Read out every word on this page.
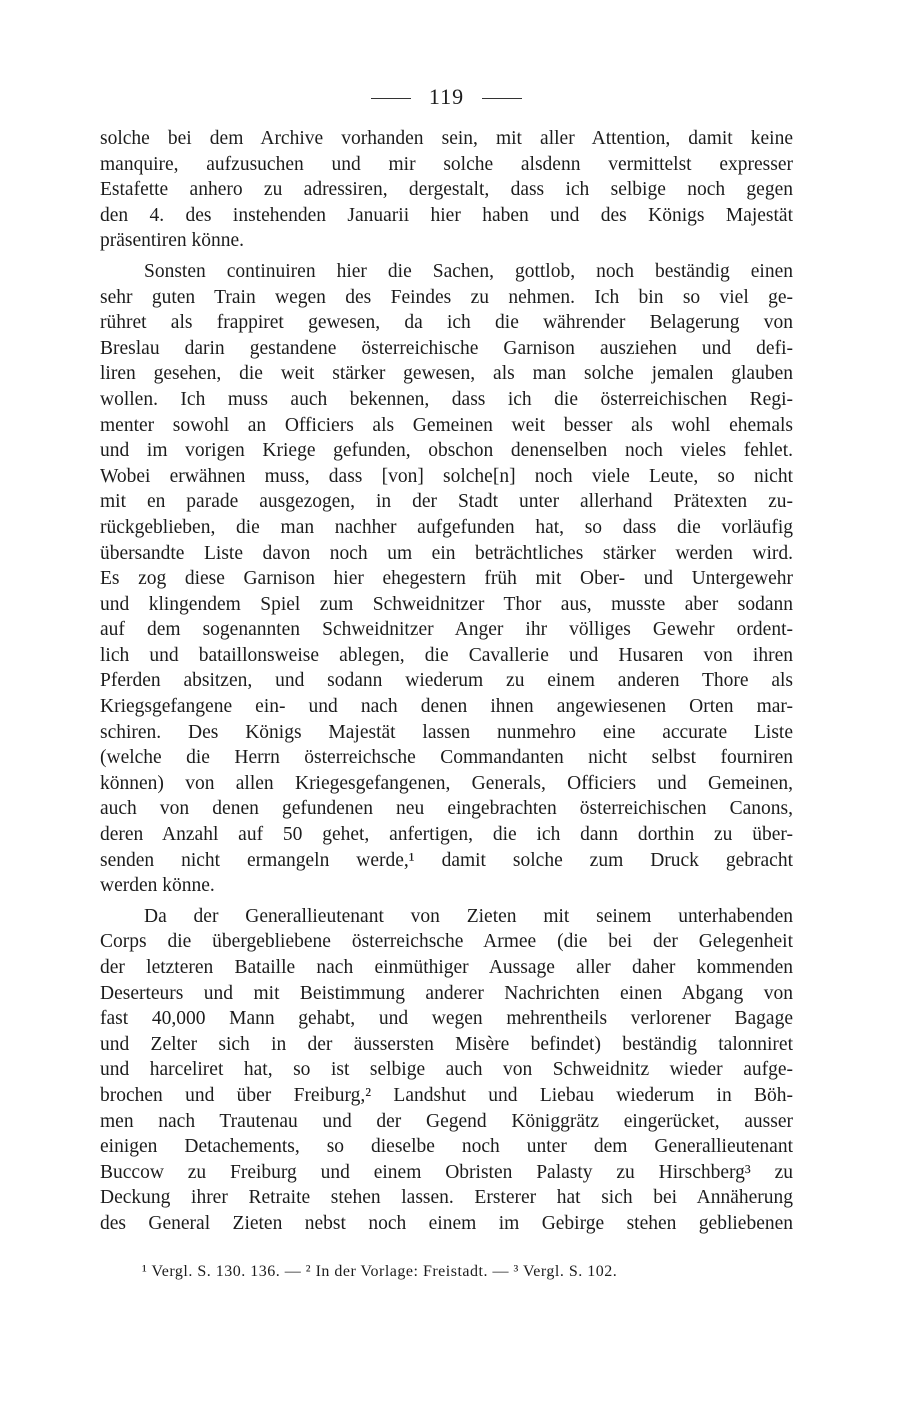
119
solche bei dem Archive vorhanden sein, mit aller Attention, damit keine
manquire, aufzusuchen und mir solche alsdenn vermittelst expresser
Estafette anhero zu adressiren, dergestalt, dass ich selbige noch gegen
den 4. des instehenden Januarii hier haben und des Königs Majestät
präsentiren könne.
Sonsten continuiren hier die Sachen, gottlob, noch beständig einen
sehr guten Train wegen des Feindes zu nehmen. Ich bin so viel ge-
rühret als frappiret gewesen, da ich die währender Belagerung von
Breslau darin gestandene österreichische Garnison ausziehen und defi-
liren gesehen, die weit stärker gewesen, als man solche jemalen glauben
wollen. Ich muss auch bekennen, dass ich die österreichischen Regi-
menter sowohl an Officiers als Gemeinen weit besser als wohl ehemals
und im vorigen Kriege gefunden, obschon denenselben noch vieles fehlet.
Wobei erwähnen muss, dass [von] solche[n] noch viele Leute, so nicht
mit en parade ausgezogen, in der Stadt unter allerhand Prätexten zu-
rückgeblieben, die man nachher aufgefunden hat, so dass die vorläufig
übersandte Liste davon noch um ein beträchtliches stärker werden wird.
Es zog diese Garnison hier ehegestern früh mit Ober- und Untergewehr
und klingendem Spiel zum Schweidnitzer Thor aus, musste aber sodann
auf dem sogenannten Schweidnitzer Anger ihr völliges Gewehr ordent-
lich und bataillonsweise ablegen, die Cavallerie und Husaren von ihren
Pferden absitzen, und sodann wiederum zu einem anderen Thore als
Kriegsgefangene ein- und nach denen ihnen angewiesenen Orten mar-
schiren. Des Königs Majestät lassen nunmehro eine accurate Liste
(welche die Herrn österreichsche Commandanten nicht selbst fourniren
können) von allen Kriegesgefangenen, Generals, Officiers und Gemeinen,
auch von denen gefundenen neu eingebrachten österreichischen Canons,
deren Anzahl auf 50 gehet, anfertigen, die ich dann dorthin zu über-
senden nicht ermangeln werde,¹ damit solche zum Druck gebracht
werden könne.
Da der Generallieutenant von Zieten mit seinem unterhabenden
Corps die übergebliebene österreichsche Armee (die bei der Gelegenheit
der letzteren Bataille nach einmüthiger Aussage aller daher kommenden
Deserteurs und mit Beistimmung anderer Nachrichten einen Abgang von
fast 40,000 Mann gehabt, und wegen mehrentheils verlorener Bagage
und Zelter sich in der äussersten Misère befindet) beständig talonniret
und harceliret hat, so ist selbige auch von Schweidnitz wieder aufge-
brochen und über Freiburg,² Landshut und Liebau wiederum in Böh-
men nach Trautenau und der Gegend Königgrätz eingerücket, ausser
einigen Detachements, so dieselbe noch unter dem Generallieutenant
Buccow zu Freiburg und einem Obristen Palasty zu Hirschberg³ zu
Deckung ihrer Retraite stehen lassen. Ersterer hat sich bei Annäherung
des General Zieten nebst noch einem im Gebirge stehen gebliebenen
¹ Vergl. S. 130. 136. — ² In der Vorlage: Freistadt. — ³ Vergl. S. 102.
